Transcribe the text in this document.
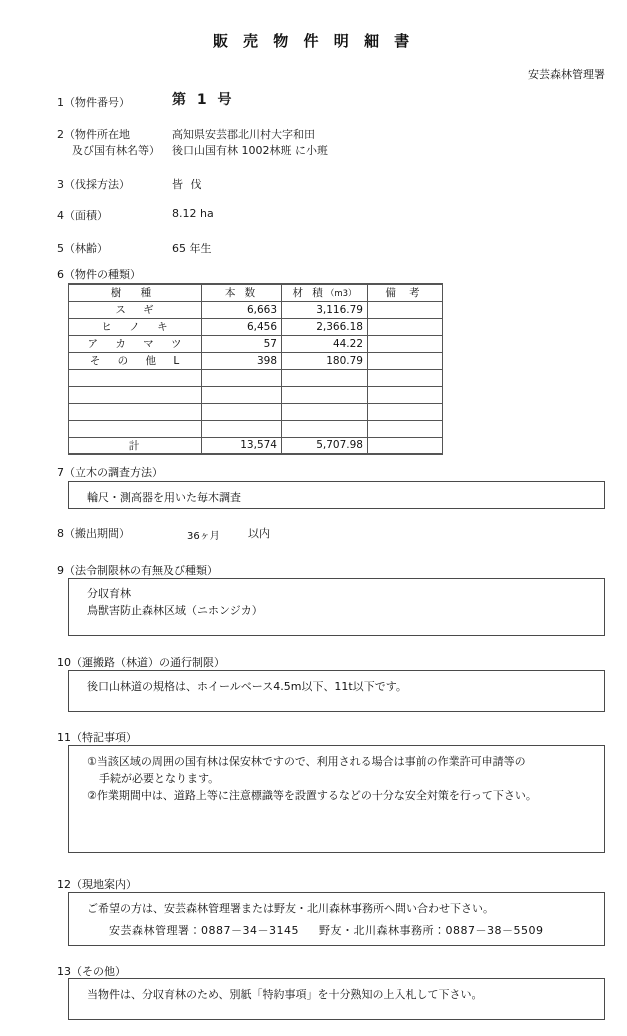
販 売 物 件 明 細 書
安芸森林管理署
1（物件番号）	第 1 号
2（物件所在地
及び国有林名等）
高知県安芸郡北川村大字和田
後口山国有林 1002林班 に小班
3（伐採方法）	皆 伐
4（面積）	8.12 ha
5（林齢）	65 年生
6（物件の種類）
樹 種	本 数	材 積（m3）	備 考
ス ギ	6,663	3,116.79	
ヒ ノ キ	6,456	2,366.18	
ア カ マ ツ	57	44.22	
そ の 他 L	398	180.79	

計	13,574	5,707.98	
7（立木の調査方法）
輪尺・測高器を用いた毎木調査
8（搬出期間）	36ヶ月	以内
9（法令制限林の有無及び種類）
分収育林
鳥獣害防止森林区域（ニホンジカ）
10（運搬路（林道）の通行制限）
後口山林道の規格は、ホイールベース4.5m以下、11t以下です。
11（特記事項）
①当該区域の周囲の国有林は保安林ですので、利用される場合は事前の作業許可申請等の
手続が必要となります。
②作業期間中は、道路上等に注意標識等を設置するなどの十分な安全対策を行って下さい。
12（現地案内）
ご希望の方は、安芸森林管理署または野友・北川森林事務所へ問い合わせ下さい。
安芸森林管理署：0887－34－3145 野友・北川森林事務所：0887－38－5509
13（その他）
当物件は、分収育林のため、別紙「特約事項」を十分熟知の上入札して下さい。
